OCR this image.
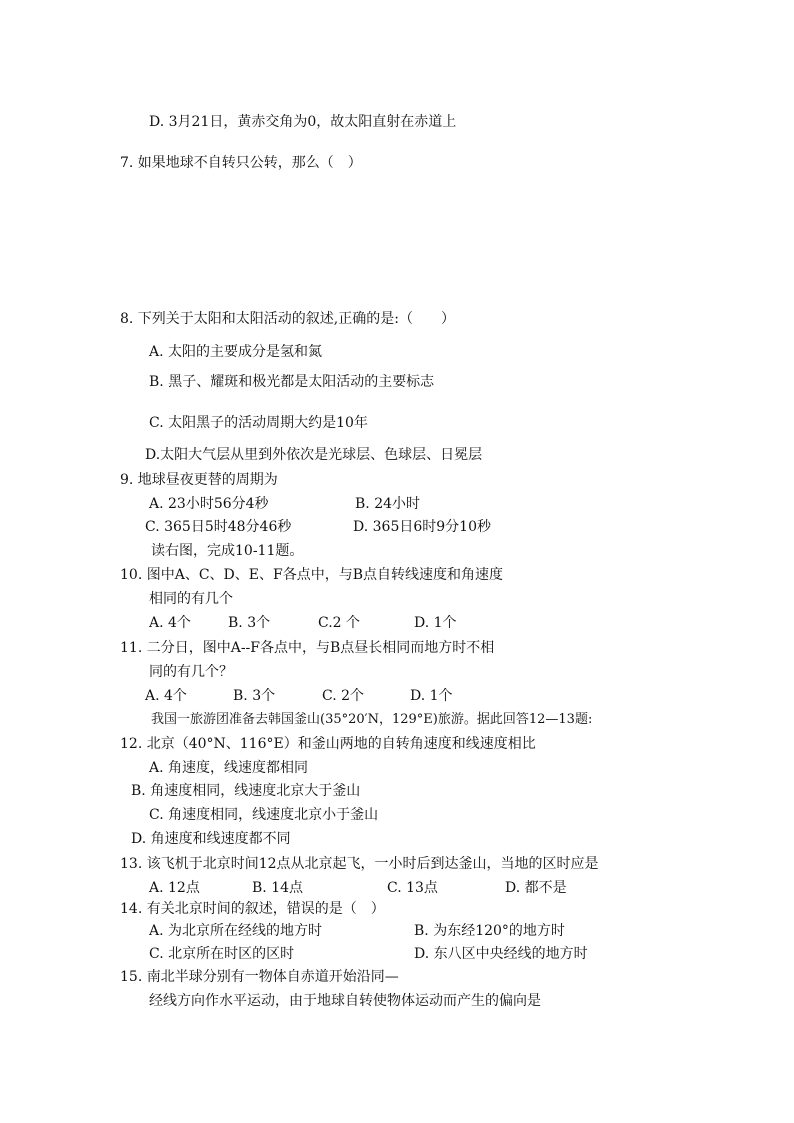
D. 3月21日，黄赤交角为0，故太阳直射在赤道上
7. 如果地球不自转只公转，那么（　）
8. 下列关于太阳和太阳活动的叙述,正确的是:（　　）
A. 太阳的主要成分是氢和氮
B. 黑子、耀斑和极光都是太阳活动的主要标志
C. 太阳黑子的活动周期大约是10年
D.太阳大气层从里到外依次是光球层、色球层、日冕层
9. 地球昼夜更替的周期为
A. 23小时56分4秒	B. 24小时
C. 365日5时48分46秒	D. 365日6时9分10秒
读右图，完成10-11题。
10. 图中A、C、D、E、F各点中，与B点自转线速度和角速度
相同的有几个
A. 4个	B. 3个	C.2 个	D. 1个
11. 二分日，图中A--F各点中，与B点昼长相同而地方时不相
同的有几个？
A. 4个	B. 3个	C. 2个	D. 1个
我国一旅游团准备去韩国釜山(35°20′N，129°E)旅游。据此回答12—13题:
12. 北京（40°N、116°E）和釜山两地的自转角速度和线速度相比
A. 角速度，线速度都相同
B. 角速度相同，线速度北京大于釜山
C. 角速度相同，线速度北京小于釜山
D. 角速度和线速度都不同
13. 该飞机于北京时间12点从北京起飞，一小时后到达釜山，当地的区时应是
A. 12点	B. 14点	C. 13点	D. 都不是
14. 有关北京时间的叙述，错误的是（　）
A. 为北京所在经线的地方时	B. 为东经120°的地方时
C. 北京所在时区的区时	D. 东八区中央经线的地方时
15. 南北半球分别有一物体自赤道开始沿同—
经线方向作水平运动，由于地球自转使物体运动而产生的偏向是
